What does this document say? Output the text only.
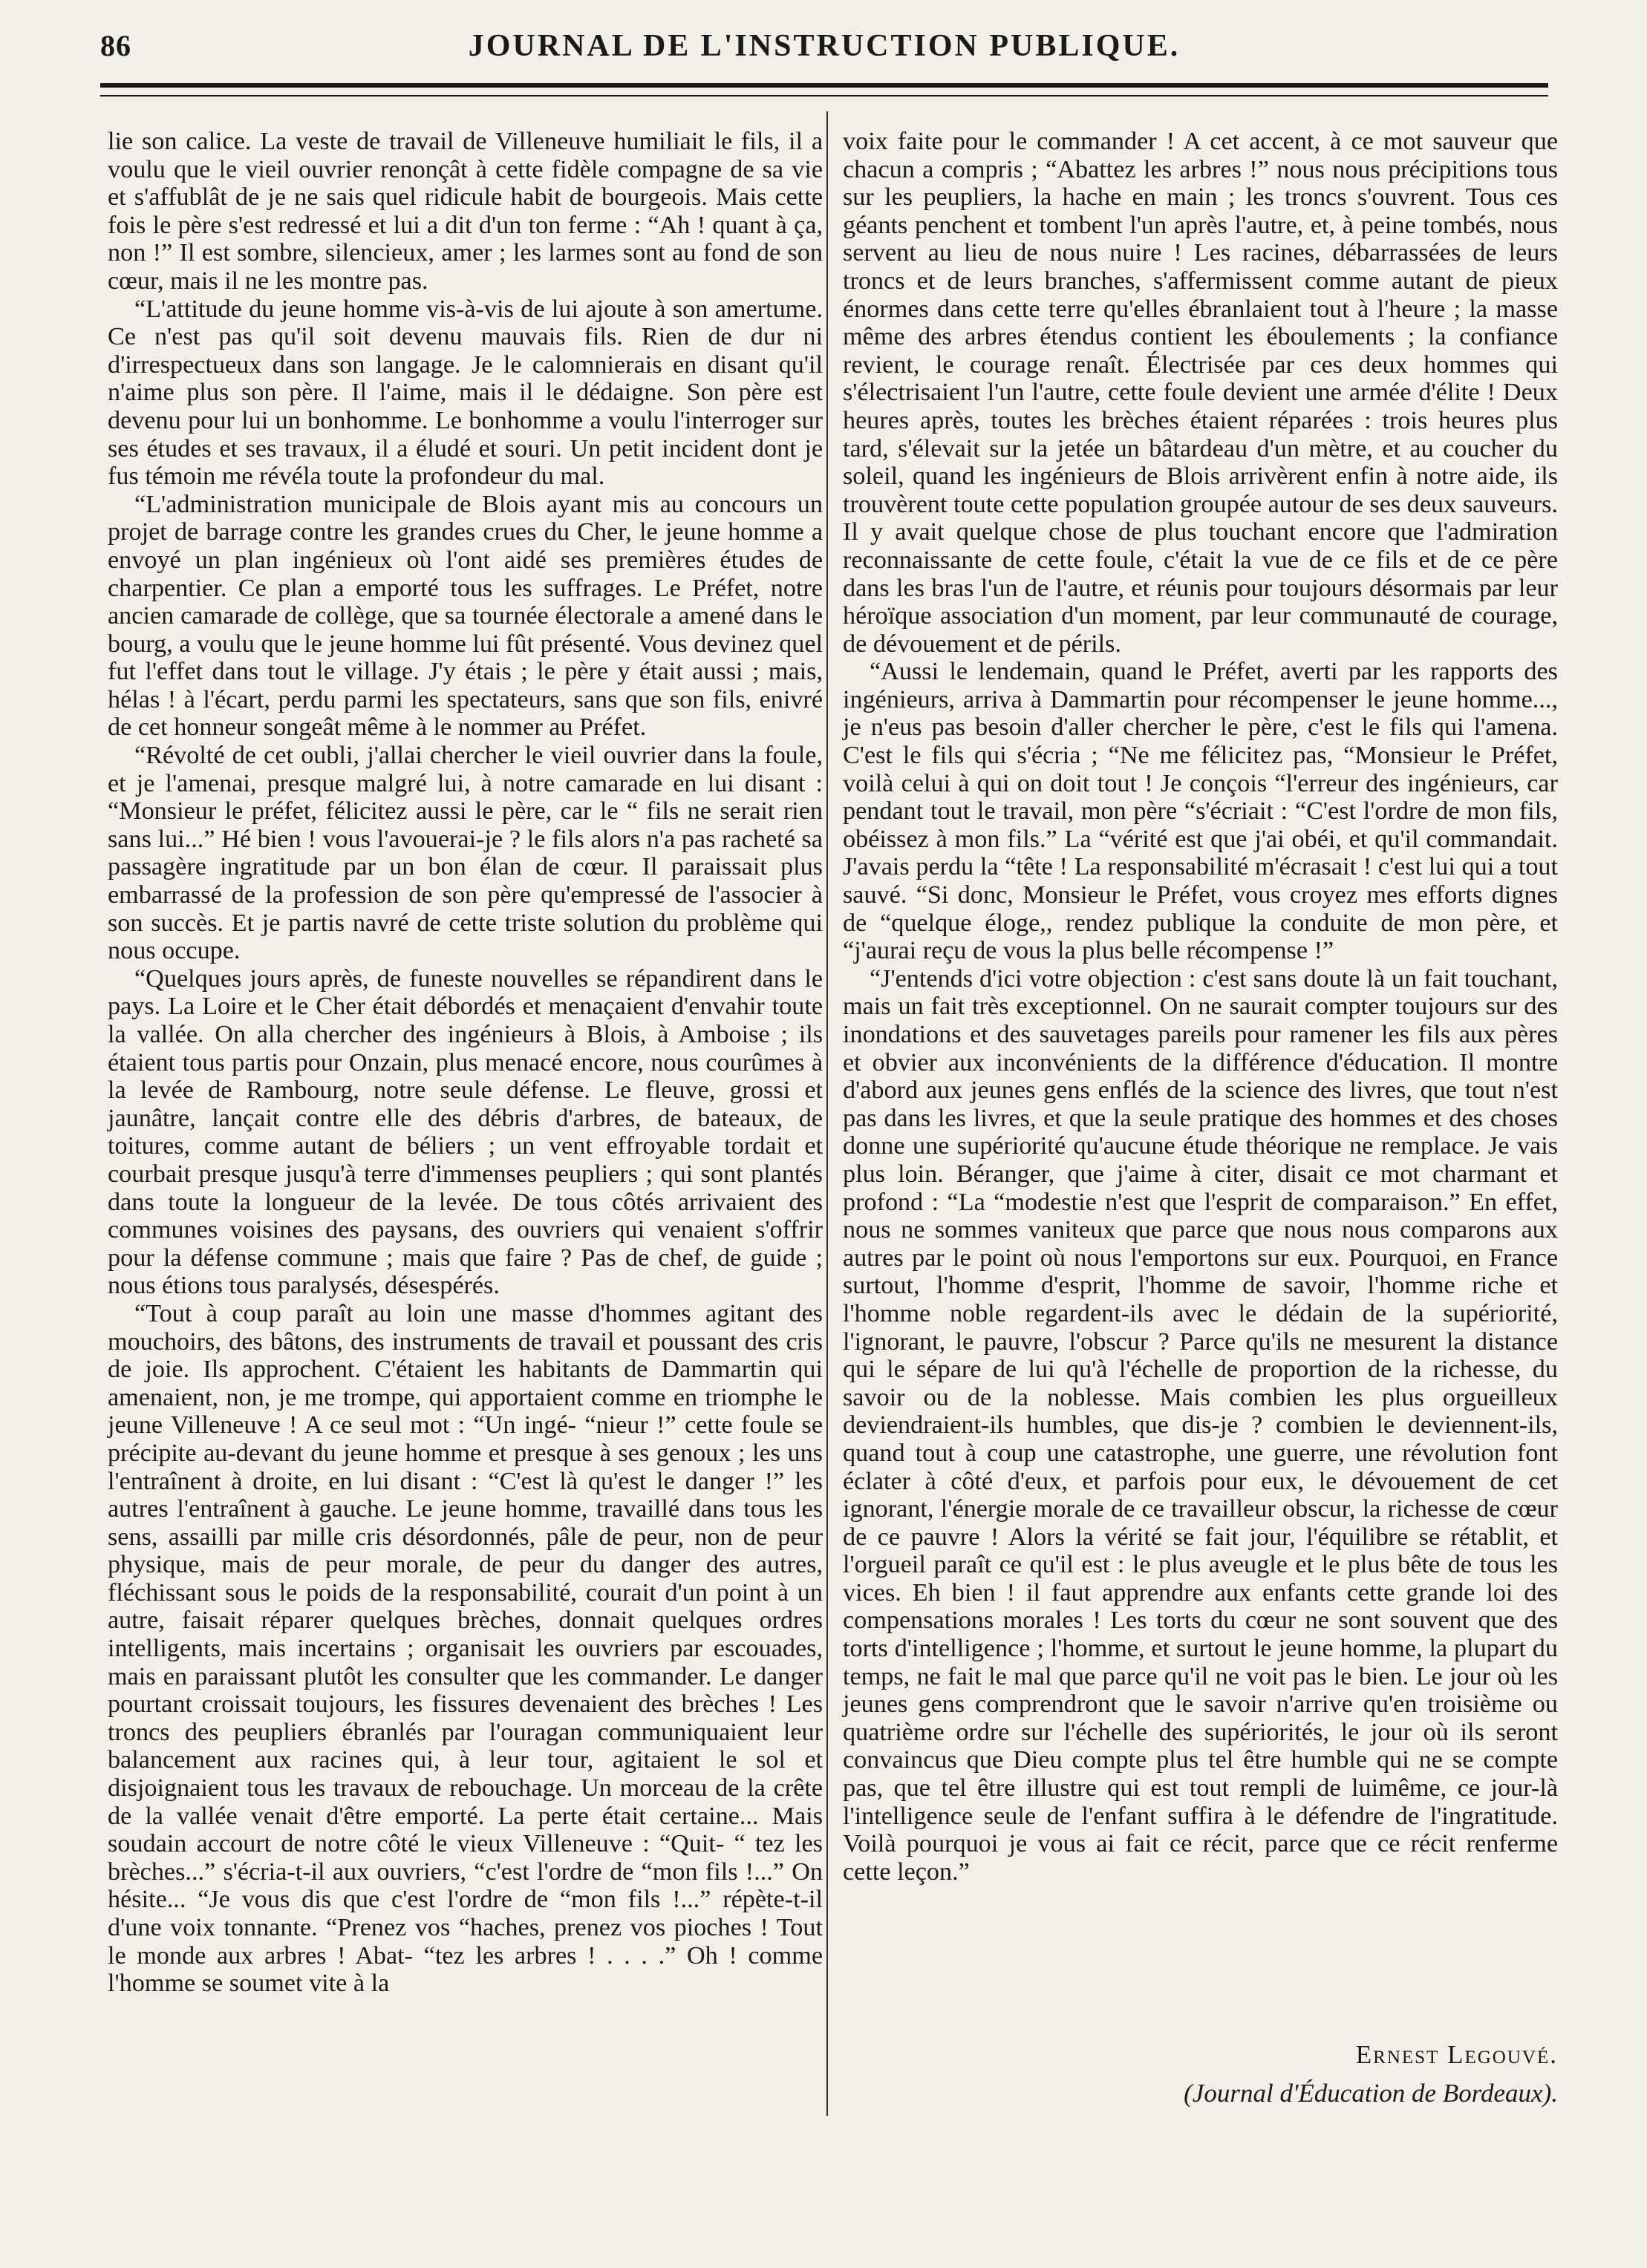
86	JOURNAL DE L'INSTRUCTION PUBLIQUE.

lie son calice. La veste de travail de Villeneuve humiliait le fils, il a voulu que le vieil ouvrier renonçât à cette fidèle compagne de sa vie et s'affublât de je ne sais quel ridicule habit de bourgeois. Mais cette fois le père s'est redressé et lui a dit d'un ton ferme : “Ah ! quant à ça, non !” Il est sombre, silencieux, amer ; les larmes sont au fond de son cœur, mais il ne les montre pas.

“L'attitude du jeune homme vis-à-vis de lui ajoute à son amertume. Ce n'est pas qu'il soit devenu mauvais fils. Rien de dur ni d'irrespectueux dans son langage. Je le calomnierais en disant qu'il n'aime plus son père. Il l'aime, mais il le dédaigne. Son père est devenu pour lui un bonhomme. Le bonhomme a voulu l'interroger sur ses études et ses travaux, il a éludé et souri. Un petit incident dont je fus témoin me révéla toute la profondeur du mal.

“L'administration municipale de Blois ayant mis au concours un projet de barrage contre les grandes crues du Cher, le jeune homme a envoyé un plan ingénieux où l'ont aidé ses premières études de charpentier. Ce plan a emporté tous les suffrages. Le Préfet, notre ancien camarade de collège, que sa tournée électorale a amené dans le bourg, a voulu que le jeune homme lui fût présenté. Vous devinez quel fut l'effet dans tout le village. J'y étais ; le père y était aussi ; mais, hélas ! à l'écart, perdu parmi les spectateurs, sans que son fils, enivré de cet honneur songeât même à le nommer au Préfet.

“Révolté de cet oubli, j'allai chercher le vieil ouvrier dans la foule, et je l'amenai, presque malgré lui, à notre camarade en lui disant : “Monsieur le préfet, félicitez aussi le père, car le “ fils ne serait rien sans lui...” Hé bien ! vous l'avouerai-je ? le fils alors n'a pas racheté sa passagère ingratitude par un bon élan de cœur. Il paraissait plus embarrassé de la profession de son père qu'empressé de l'associer à son succès. Et je partis navré de cette triste solution du problème qui nous occupe.

“Quelques jours après, de funeste nouvelles se répandirent dans le pays. La Loire et le Cher était débordés et menaçaient d'envahir toute la vallée. On alla chercher des ingénieurs à Blois, à Amboise ; ils étaient tous partis pour Onzain, plus menacé encore, nous courûmes à la levée de Rambourg, notre seule défense. Le fleuve, grossi et jaunâtre, lançait contre elle des débris d'arbres, de bateaux, de toitures, comme autant de béliers ; un vent effroyable tordait et courbait presque jusqu'à terre d'immenses peupliers ; qui sont plantés dans toute la longueur de la levée. De tous côtés arrivaient des communes voisines des paysans, des ouvriers qui venaient s'offrir pour la défense commune ; mais que faire ? Pas de chef, de guide ; nous étions tous paralysés, désespérés.

“Tout à coup paraît au loin une masse d'hommes agitant des mouchoirs, des bâtons, des instruments de travail et poussant des cris de joie. Ils approchent. C'étaient les habitants de Dammartin qui amenaient, non, je me trompe, qui apportaient comme en triomphe le jeune Villeneuve ! A ce seul mot : “Un ingé- “nieur !” cette foule se précipite au-devant du jeune homme et presque à ses genoux ; les uns l'entraînent à droite, en lui disant : “C'est là qu'est le danger !” les autres l'entraînent à gauche. Le jeune homme, travaillé dans tous les sens, assailli par mille cris désordonnés, pâle de peur, non de peur physique, mais de peur morale, de peur du danger des autres, fléchissant sous le poids de la responsabilité, courait d'un point à un autre, faisait réparer quelques brèches, donnait quelques ordres intelligents, mais incertains ; organisait les ouvriers par escouades, mais en paraissant plutôt les consulter que les commander. Le danger pourtant croissait toujours, les fissures devenaient des brèches ! Les troncs des peupliers ébranlés par l'ouragan communiquaient leur balancement aux racines qui, à leur tour, agitaient le sol et disjoignaient tous les travaux de rebouchage. Un morceau de la crête de la vallée venait d'être emporté. La perte était certaine... Mais soudain accourt de notre côté le vieux Villeneuve : “Quit- “ tez les brèches...” s'écria-t-il aux ouvriers, “c'est l'ordre de “mon fils !...” On hésite... “Je vous dis que c'est l'ordre de “mon fils !...” répète-t-il d'une voix tonnante. “Prenez vos “haches, prenez vos pioches ! Tout le monde aux arbres ! Abat- “tez les arbres ! . . . .” Oh ! comme l'homme se soumet vite à la

voix faite pour le commander ! A cet accent, à ce mot sauveur que chacun a compris ; “Abattez les arbres !” nous nous précipitions tous sur les peupliers, la hache en main ; les troncs s'ouvrent. Tous ces géants penchent et tombent l'un après l'autre, et, à peine tombés, nous servent au lieu de nous nuire ! Les racines, débarrassées de leurs troncs et de leurs branches, s'affermissent comme autant de pieux énormes dans cette terre qu'elles ébranlaient tout à l'heure ; la masse même des arbres étendus contient les éboulements ; la confiance revient, le courage renaît. Électrisée par ces deux hommes qui s'électrisaient l'un l'autre, cette foule devient une armée d'élite ! Deux heures après, toutes les brèches étaient réparées : trois heures plus tard, s'élevait sur la jetée un bâtardeau d'un mètre, et au coucher du soleil, quand les ingénieurs de Blois arrivèrent enfin à notre aide, ils trouvèrent toute cette population groupée autour de ses deux sauveurs. Il y avait quelque chose de plus touchant encore que l'admiration reconnaissante de cette foule, c'était la vue de ce fils et de ce père dans les bras l'un de l'autre, et réunis pour toujours désormais par leur héroïque association d'un moment, par leur communauté de courage, de dévouement et de périls.

“Aussi le lendemain, quand le Préfet, averti par les rapports des ingénieurs, arriva à Dammartin pour récompenser le jeune homme..., je n'eus pas besoin d'aller chercher le père, c'est le fils qui l'amena. C'est le fils qui s'écria ; “Ne me félicitez pas, “Monsieur le Préfet, voilà celui à qui on doit tout ! Je conçois “l'erreur des ingénieurs, car pendant tout le travail, mon père “s'écriait : “C'est l'ordre de mon fils, obéissez à mon fils.” La “vérité est que j'ai obéi, et qu'il commandait. J'avais perdu la “tête ! La responsabilité m'écrasait ! c'est lui qui a tout sauvé. “Si donc, Monsieur le Préfet, vous croyez mes efforts dignes de “quelque éloge,, rendez publique la conduite de mon père, et “j'aurai reçu de vous la plus belle récompense !”

“J'entends d'ici votre objection : c'est sans doute là un fait touchant, mais un fait très exceptionnel. On ne saurait compter toujours sur des inondations et des sauvetages pareils pour ramener les fils aux pères et obvier aux inconvénients de la différence d'éducation. Il montre d'abord aux jeunes gens enflés de la science des livres, que tout n'est pas dans les livres, et que la seule pratique des hommes et des choses donne une supériorité qu'aucune étude théorique ne remplace. Je vais plus loin. Béranger, que j'aime à citer, disait ce mot charmant et profond : “La “modestie n'est que l'esprit de comparaison.” En effet, nous ne sommes vaniteux que parce que nous nous comparons aux autres par le point où nous l'emportons sur eux. Pourquoi, en France surtout, l'homme d'esprit, l'homme de savoir, l'homme riche et l'homme noble regardent-ils avec le dédain de la supériorité, l'ignorant, le pauvre, l'obscur ? Parce qu'ils ne mesurent la distance qui le sépare de lui qu'à l'échelle de proportion de la richesse, du savoir ou de la noblesse. Mais combien les plus orgueilleux deviendraient-ils humbles, que dis-je ? combien le deviennent-ils, quand tout à coup une catastrophe, une guerre, une révolution font éclater à côté d'eux, et parfois pour eux, le dévouement de cet ignorant, l'énergie morale de ce travailleur obscur, la richesse de cœur de ce pauvre ! Alors la vérité se fait jour, l'équilibre se rétablit, et l'orgueil paraît ce qu'il est : le plus aveugle et le plus bête de tous les vices. Eh bien ! il faut apprendre aux enfants cette grande loi des compensations morales ! Les torts du cœur ne sont souvent que des torts d'intelligence ; l'homme, et surtout le jeune homme, la plupart du temps, ne fait le mal que parce qu'il ne voit pas le bien. Le jour où les jeunes gens comprendront que le savoir n'arrive qu'en troisième ou quatrième ordre sur l'échelle des supériorités, le jour où ils seront convaincus que Dieu compte plus tel être humble qui ne se compte pas, que tel être illustre qui est tout rempli de luimême, ce jour-là l'intelligence seule de l'enfant suffira à le défendre de l'ingratitude. Voilà pourquoi je vous ai fait ce récit, parce que ce récit renferme cette leçon.”

Ernest Legouvé.
(Journal d'Éducation de Bordeaux).
